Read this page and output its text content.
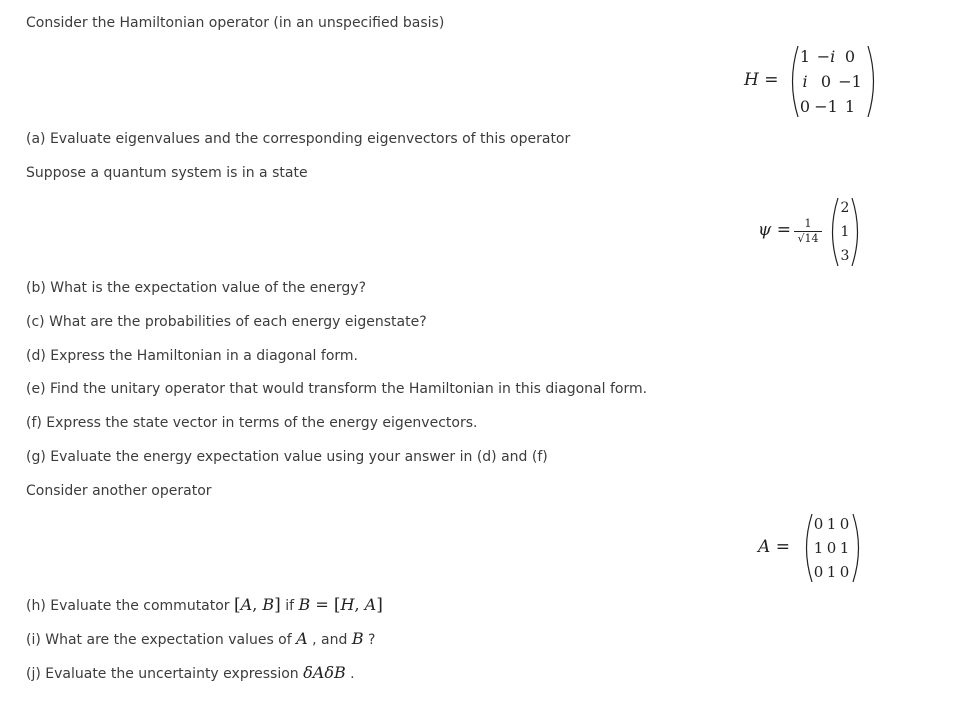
Consider the Hamiltonian operator (in an unspecified basis)
H =
1 −i 0
i 0 −1
0 −1 1
(a) Evaluate eigenvalues and the corresponding eigenvectors of this operator
Suppose a quantum system is in a state
ψ =	1
√14
2
1
3
(b) What is the expectation value of the energy?
(c) What are the probabilities of each energy eigenstate?
(d) Express the Hamiltonian in a diagonal form.
(e) Find the unitary operator that would transform the Hamiltonian in this diagonal form.
(f) Express the state vector in terms of the energy eigenvectors.
(g) Evaluate the energy expectation value using your answer in (d) and (f)
Consider another operator
A =
0 1 0
1 0 1
0 1 0
(h) Evaluate the commutator [A, B] if B = [H, A]
(i) What are the expectation values of A , and B ?
(j) Evaluate the uncertainty expression δAδB .
